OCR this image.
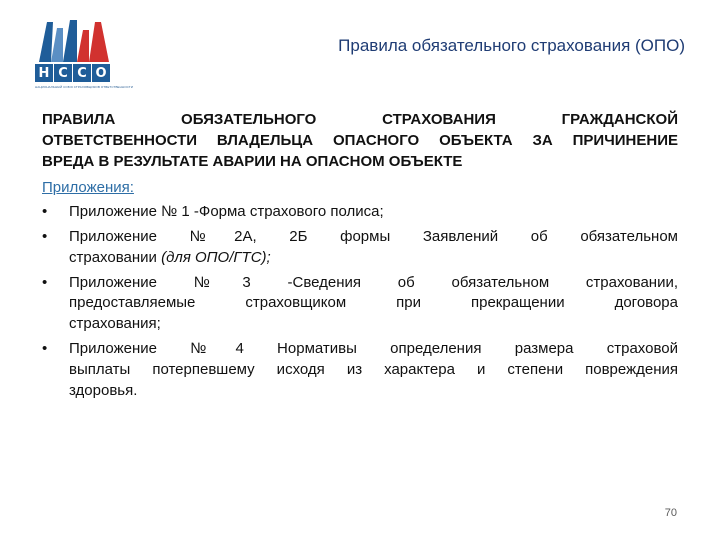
Н С С О
НАЦИОНАЛЬНЫЙ СОЮЗ СТРАХОВЩИКОВ ОТВЕТСТВЕННОСТИ
Правила обязательного страхования (ОПО)
ПРАВИЛА ОБЯЗАТЕЛЬНОГО СТРАХОВАНИЯ ГРАЖДАНСКОЙ
ОТВЕТСТВЕННОСТИ ВЛАДЕЛЬЦА ОПАСНОГО ОБЪЕКТА ЗА ПРИЧИНЕНИЕ
ВРЕДА В РЕЗУЛЬТАТЕ АВАРИИ НА ОПАСНОМ ОБЪЕКТЕ
Приложения:
• Приложение № 1 -Форма страхового полиса;
• Приложение №2А, 2Б формы Заявлений об обязательном
страховании (для ОПО/ГТС);
• Приложение №3 -Сведения об обязательном страховании,
предоставляемые страховщиком при прекращении договора
страхования;
• Приложение №4 Нормативы определения размера страховой
выплаты потерпевшему исходя из характера и степени повреждения
здоровья.
70
